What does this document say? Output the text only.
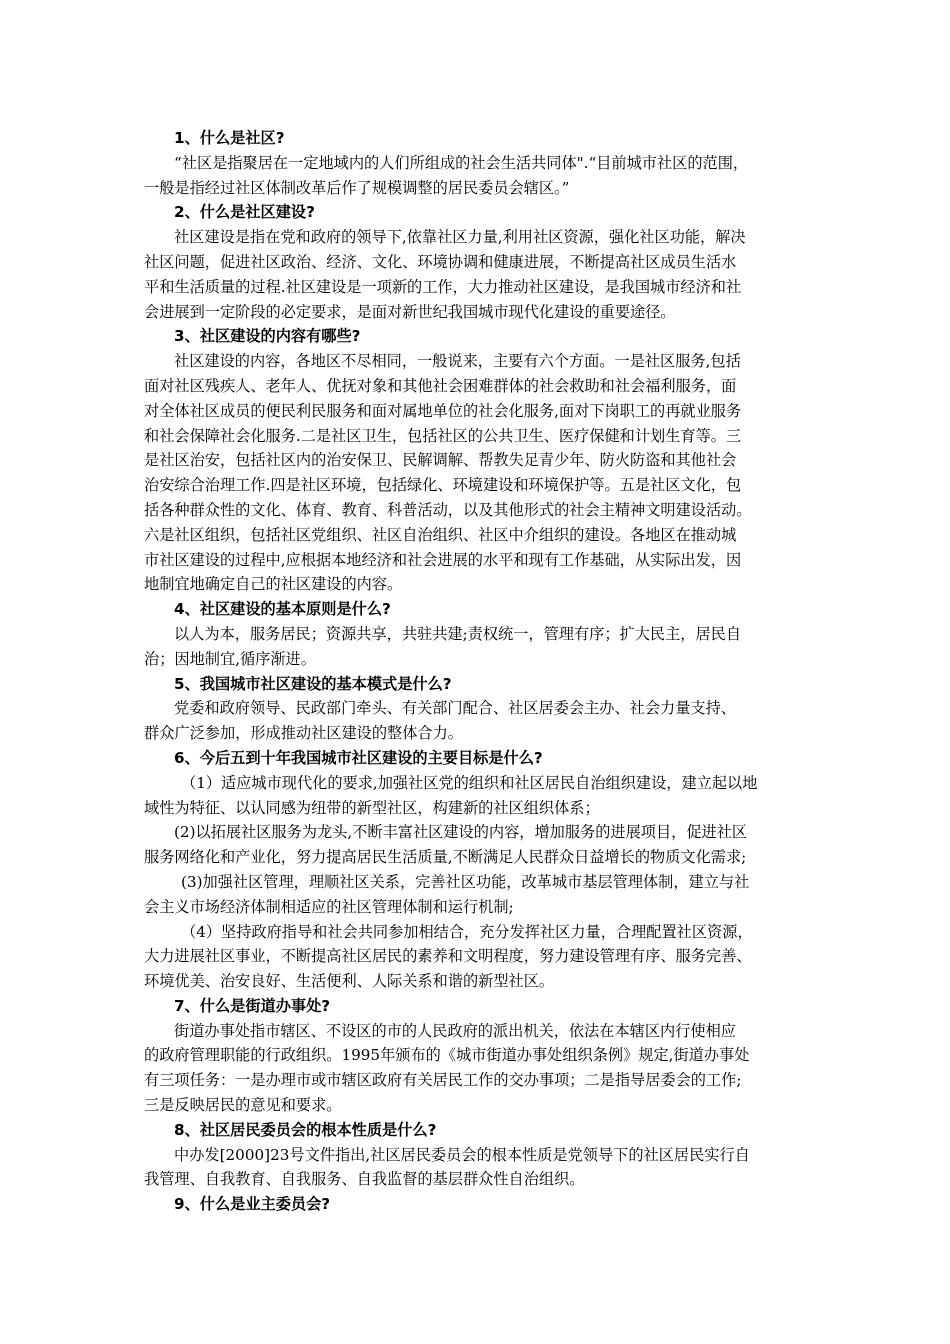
1、什么是社区?
“社区是指聚居在一定地域内的人们所组成的社会生活共同体".“目前城市社区的范围，
一般是指经过社区体制改革后作了规模调整的居民委员会辖区。”
2、什么是社区建设?
社区建设是指在党和政府的领导下,依靠社区力量,利用社区资源，强化社区功能，解决
社区问题，促进社区政治、经济、文化、环境协调和健康进展，不断提高社区成员生活水
平和生活质量的过程.社区建设是一项新的工作，大力推动社区建设，是我国城市经济和社
会进展到一定阶段的必定要求，是面对新世纪我国城市现代化建设的重要途径。
3、社区建设的内容有哪些?
社区建设的内容，各地区不尽相同，一般说来，主要有六个方面。一是社区服务,包括
面对社区残疾人、老年人、优抚对象和其他社会困难群体的社会救助和社会福利服务，面
对全体社区成员的便民利民服务和面对属地单位的社会化服务,面对下岗职工的再就业服务
和社会保障社会化服务.二是社区卫生，包括社区的公共卫生、医疗保健和计划生育等。三
是社区治安，包括社区内的治安保卫、民解调解、帮教失足青少年、防火防盗和其他社会
治安综合治理工作.四是社区环境，包括绿化、环境建设和环境保护等。五是社区文化，包
括各种群众性的文化、体育、教育、科普活动，以及其他形式的社会主精神文明建设活动。
六是社区组织，包括社区党组织、社区自治组织、社区中介组织的建设。各地区在推动城
市社区建设的过程中,应根据本地经济和社会进展的水平和现有工作基础，从实际出发，因
地制宜地确定自己的社区建设的内容。
4、社区建设的基本原则是什么?
以人为本，服务居民；资源共享，共驻共建;责权统一，管理有序；扩大民主，居民自
治；因地制宜,循序渐进。
5、我国城市社区建设的基本模式是什么?
党委和政府领导、民政部门牵头、有关部门配合、社区居委会主办、社会力量支持、
群众广泛参加，形成推动社区建设的整体合力。
6、今后五到十年我国城市社区建设的主要目标是什么?
（1）适应城市现代化的要求,加强社区党的组织和社区居民自治组织建设，建立起以地
域性为特征、以认同感为纽带的新型社区，构建新的社区组织体系；
(2)以拓展社区服务为龙头,不断丰富社区建设的内容，增加服务的进展项目，促进社区
服务网络化和产业化，努力提高居民生活质量,不断满足人民群众日益增长的物质文化需求;
(3)加强社区管理，理顺社区关系，完善社区功能，改革城市基层管理体制，建立与社
会主义市场经济体制相适应的社区管理体制和运行机制;
（4）坚持政府指导和社会共同参加相结合，充分发挥社区力量，合理配置社区资源，
大力进展社区事业，不断提高社区居民的素养和文明程度，努力建设管理有序、服务完善、
环境优美、治安良好、生活便利、人际关系和谐的新型社区。
7、什么是街道办事处?
街道办事处指市辖区、不设区的市的人民政府的派出机关，依法在本辖区内行使相应
的政府管理职能的行政组织。1995年颁布的《城市街道办事处组织条例》规定,街道办事处
有三项任务：一是办理市或市辖区政府有关居民工作的交办事项；二是指导居委会的工作;
三是反映居民的意见和要求。
8、社区居民委员会的根本性质是什么?
中办发[2000]23号文件指出,社区居民委员会的根本性质是党领导下的社区居民实行自
我管理、自我教育、自我服务、自我监督的基层群众性自治组织。
9、什么是业主委员会?
